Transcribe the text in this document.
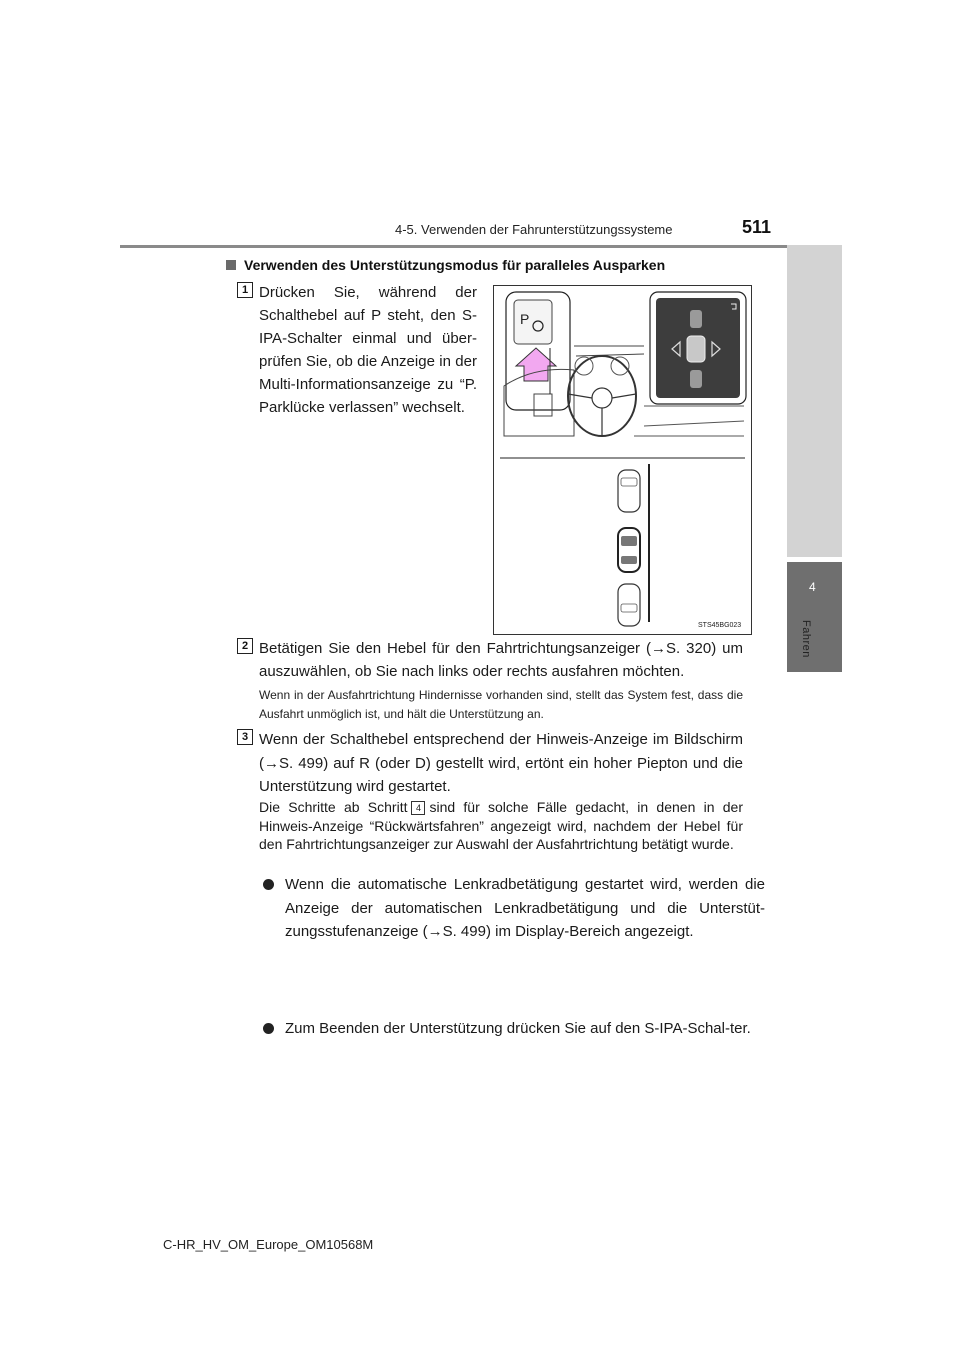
4-5. Verwenden der Fahrunterstützungssysteme	511
4
Fahren
Verwenden des Unterstützungsmodus für paralleles Ausparken
1 Drücken Sie, während der Schalthebel auf P steht, den S-IPA-Schalter einmal und über-prüfen Sie, ob die Anzeige in der Multi-Informationsanzeige zu “P. Parklücke verlassen” wechselt.
P
STS45BG023
2 Betätigen Sie den Hebel für den Fahrtrichtungsanzeiger (→S. 320) um auszuwählen, ob Sie nach links oder rechts ausfahren möchten.
Wenn in der Ausfahrtrichtung Hindernisse vorhanden sind, stellt das System fest, dass die Ausfahrt unmöglich ist, und hält die Unterstützung an.
3 Wenn der Schalthebel entsprechend der Hinweis-Anzeige im Bildschirm (→S. 499) auf R (oder D) gestellt wird, ertönt ein hoher Piepton und die Unterstützung wird gestartet.
Die Schritte ab Schritt 4 sind für solche Fälle gedacht, in denen in der Hinweis-Anzeige “Rückwärtsfahren” angezeigt wird, nachdem der Hebel für den Fahrtrichtungsanzeiger zur Auswahl der Ausfahrtrichtung betätigt wurde.
Wenn die automatische Lenkradbetätigung gestartet wird, werden die Anzeige der automatischen Lenkradbetätigung und die Unterstüt-zungsstufenanzeige (→S. 499) im Display-Bereich angezeigt.
Zum Beenden der Unterstützung drücken Sie auf den S-IPA-Schal-ter.
C-HR_HV_OM_Europe_OM10568M
